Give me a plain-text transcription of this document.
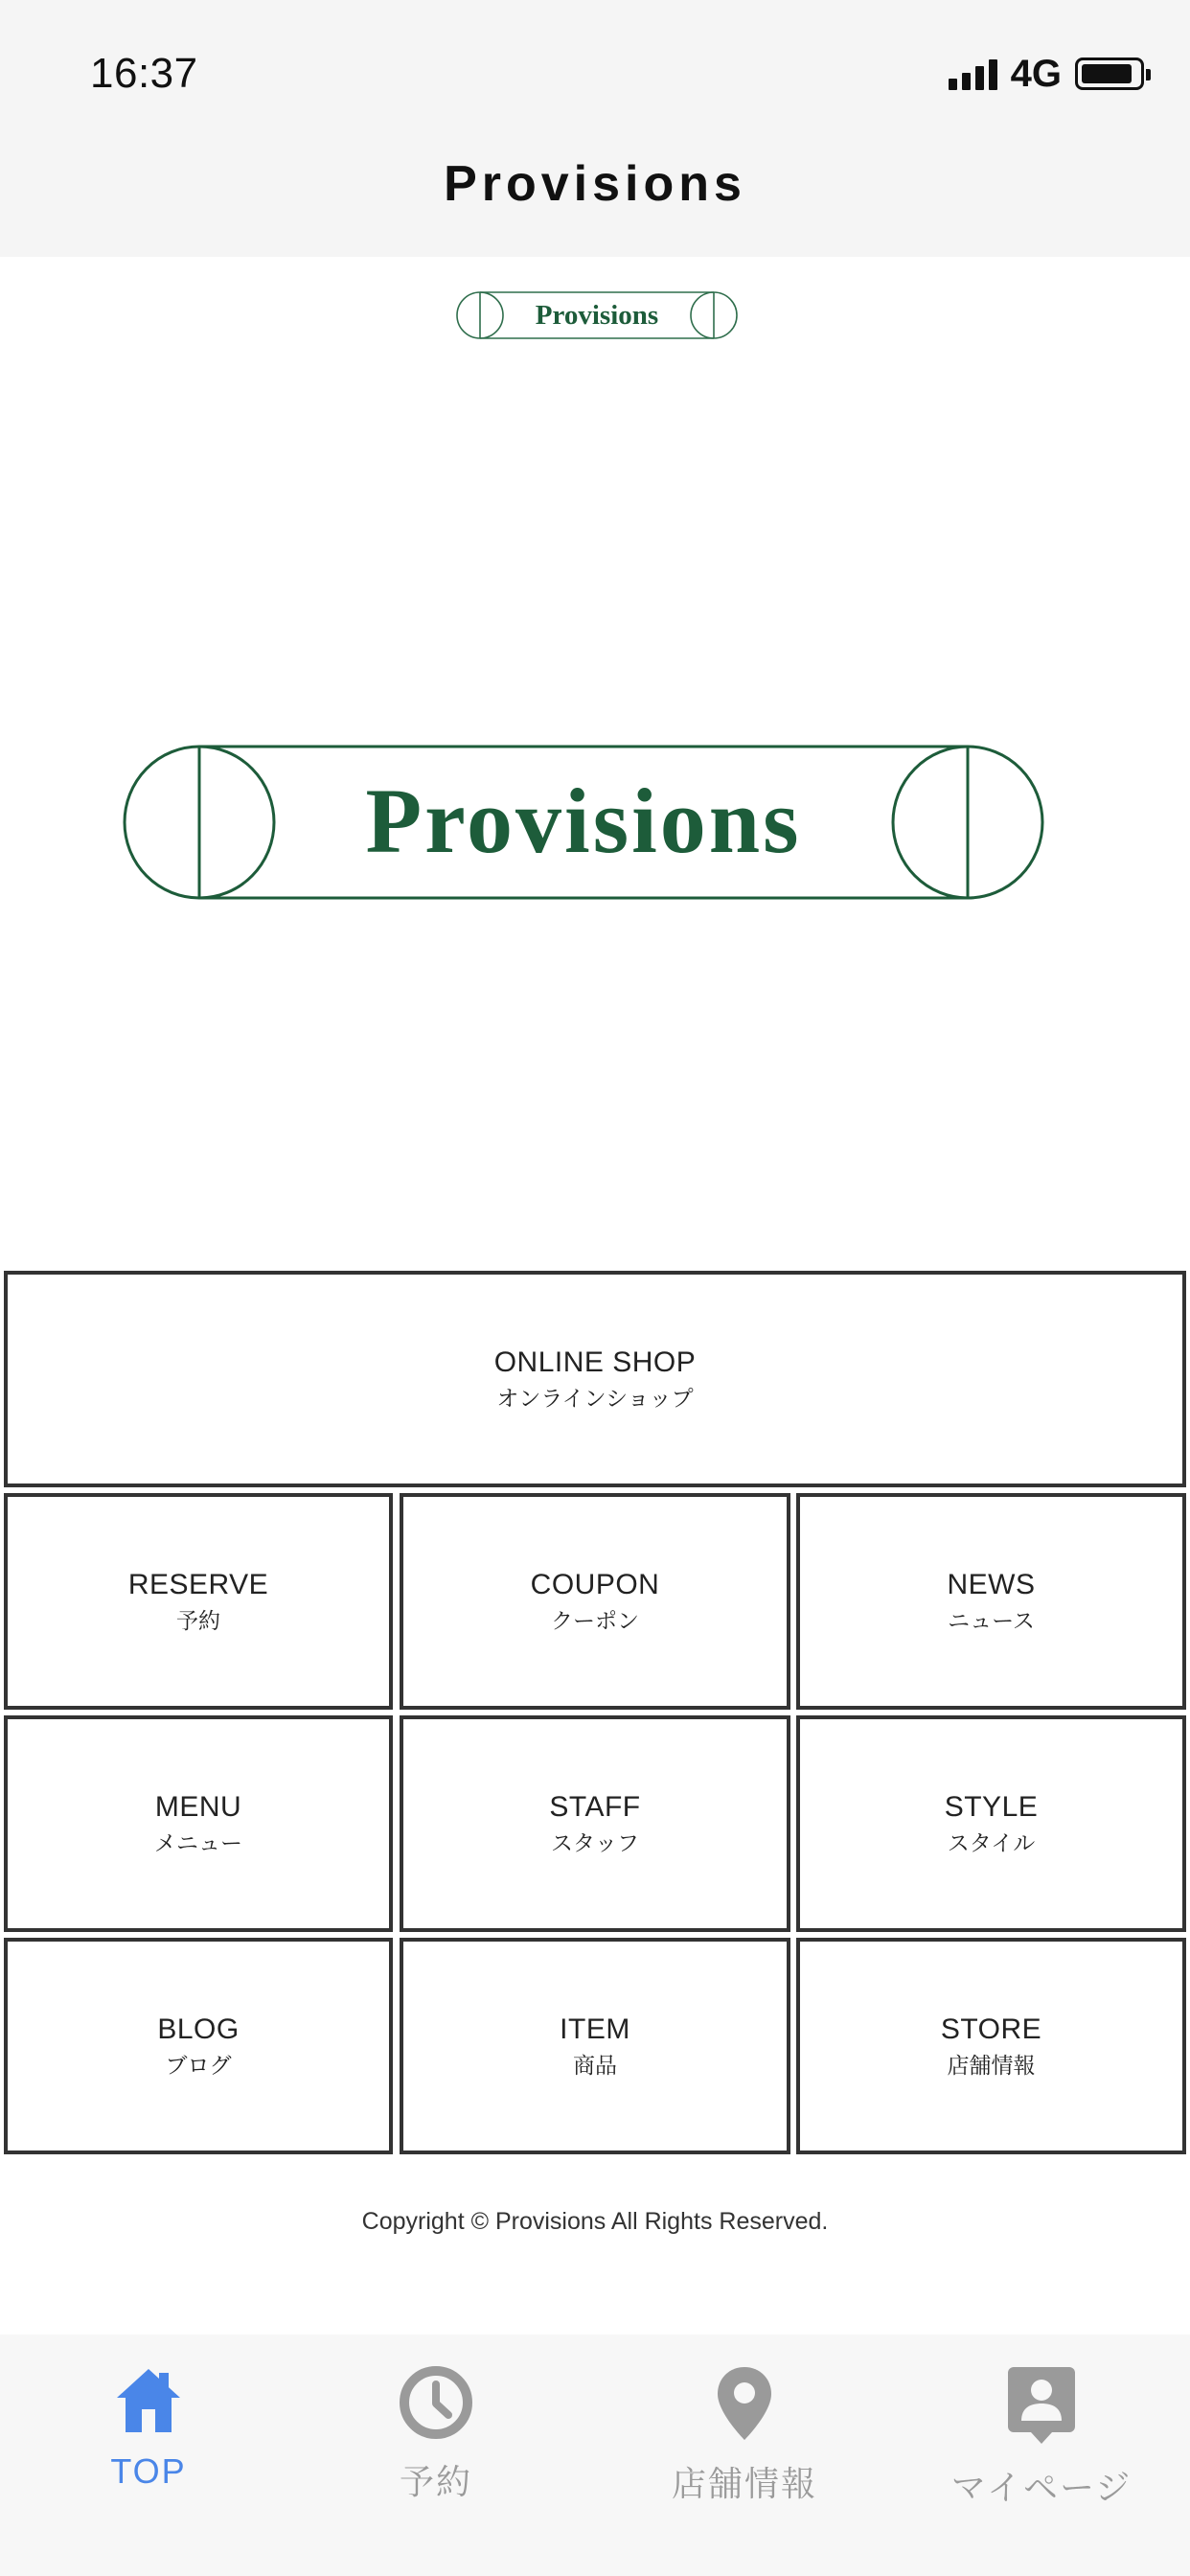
16:37	4G
Provisions
Provisions
Provisions
ONLINE SHOP
オンラインショップ
RESERVE
予約
COUPON
クーポン
NEWS
ニュース
MENU
メニュー
STAFF
スタッフ
STYLE
スタイル
BLOG
ブログ
ITEM
商品
STORE
店舗情報
Copyright © Provisions All Rights Reserved.
TOP	予約	店舗情報	マイページ
